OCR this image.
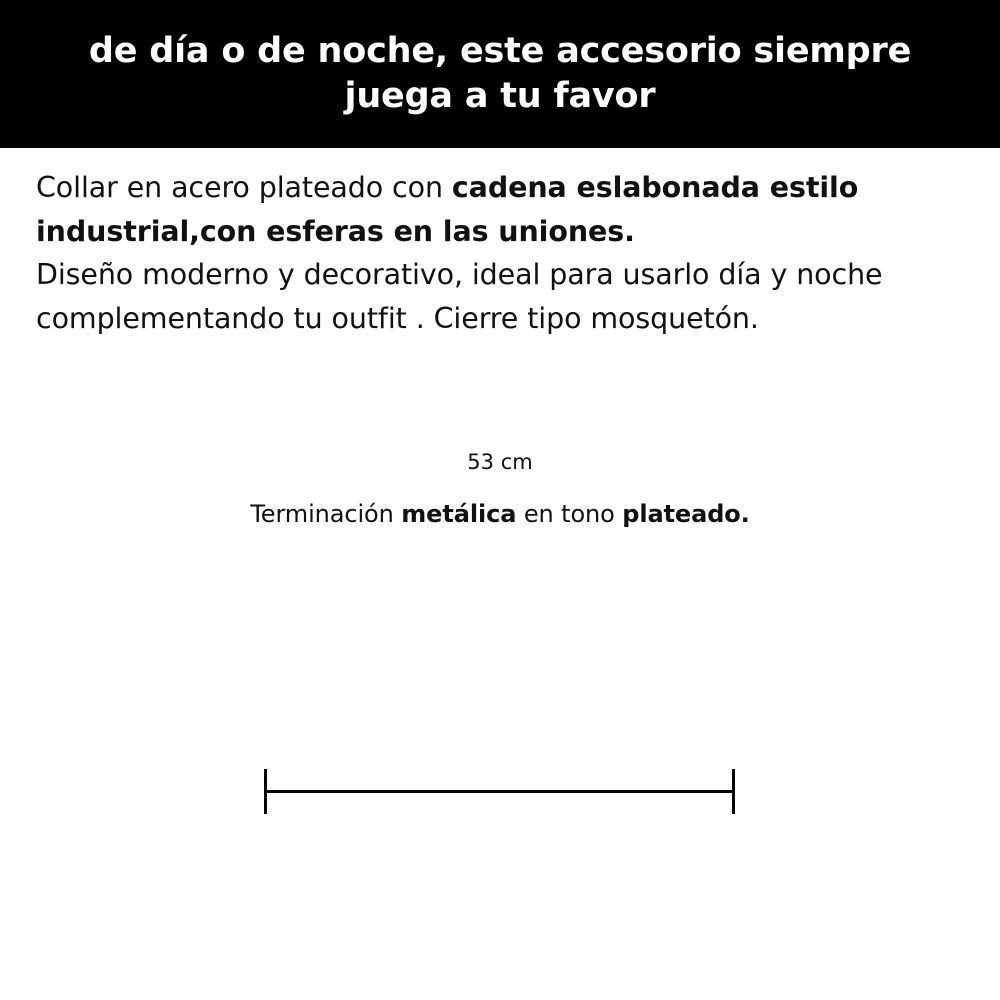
de día o de noche, este accesorio siempre juega a tu favor
Collar en acero plateado con cadena eslabonada estilo industrial,con esferas en las uniones.
Diseño moderno y decorativo, ideal para usarlo día y noche complementando tu outfit . Cierre tipo mosquetón.
53 cm
Terminación metálica en tono plateado.
